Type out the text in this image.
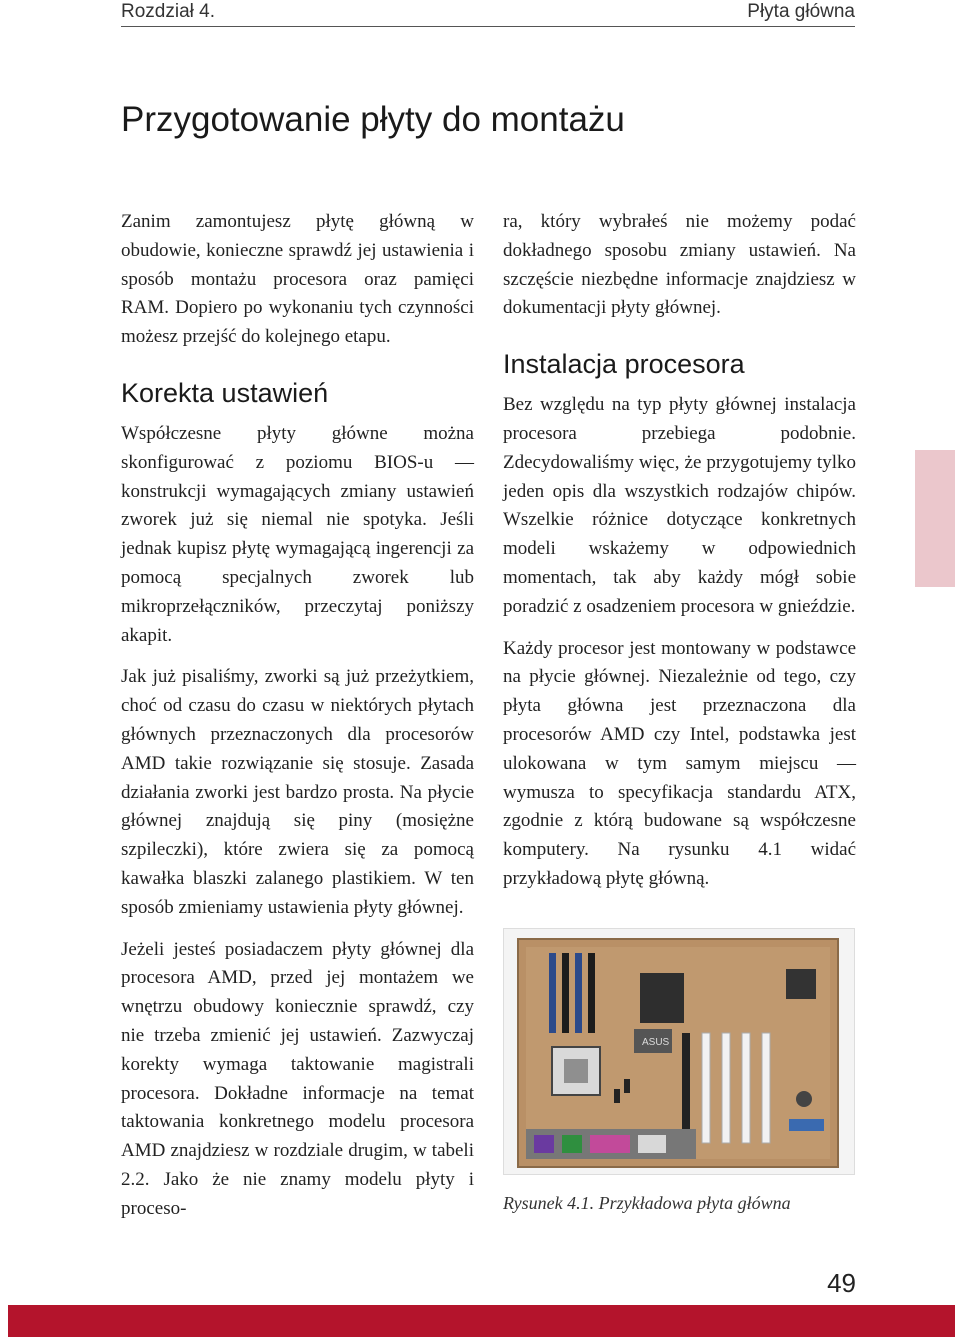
Rozdział 4.	Płyta główna
Przygotowanie płyty do montażu

Zanim zamontujesz płytę główną w obudowie, konieczne sprawdź jej ustawienia i sposób montażu procesora oraz pamięci RAM. Dopiero po wykonaniu tych czynności możesz przejść do kolejnego etapu.

Korekta ustawień

Współczesne płyty główne można skonfigurować z poziomu BIOS-u — konstrukcji wymagających zmiany ustawień zworek już się niemal nie spotyka. Jeśli jednak kupisz płytę wymagającą ingerencji za pomocą specjalnych zworek lub mikroprzełączników, przeczytaj poniższy akapit.

Jak już pisaliśmy, zworki są już przeżytkiem, choć od czasu do czasu w niektórych płytach głównych przeznaczonych dla procesorów AMD takie rozwiązanie się stosuje. Zasada działania zworki jest bardzo prosta. Na płycie głównej znajdują się piny (mosiężne szpileczki), które zwiera się za pomocą kawałka blaszki zalanego plastikiem. W ten sposób zmieniamy ustawienia płyty głównej.

Jeżeli jesteś posiadaczem płyty głównej dla procesora AMD, przed jej montażem we wnętrzu obudowy koniecznie sprawdź, czy nie trzeba zmienić jej ustawień. Zazwyczaj korekty wymaga taktowanie magistrali procesora. Dokładne informacje na temat taktowania konkretnego modelu procesora AMD znajdziesz w rozdziale drugim, w tabeli 2.2. Jako że nie znamy modelu płyty i proceso-

ra, który wybrałeś nie możemy podać dokładnego sposobu zmiany ustawień. Na szczęście niezbędne informacje znajdziesz w dokumentacji płyty głównej.

Instalacja procesora

Bez względu na typ płyty głównej instalacja procesora przebiega podobnie. Zdecydowaliśmy więc, że przygotujemy tylko jeden opis dla wszystkich rodzajów chipów. Wszelkie różnice dotyczące konkretnych modeli wskażemy w odpowiednich momentach, tak aby każdy mógł sobie poradzić z osadzeniem procesora w gnieździe.

Każdy procesor jest montowany w podstawce na płycie głównej. Niezależnie od tego, czy płyta główna jest przeznaczona dla procesorów AMD czy Intel, podstawka jest ulokowana w tym samym miejscu — wymusza to specyfikacja standardu ATX, zgodnie z którą budowane są współczesne komputery. Na rysunku 4.1 widać przykładową płytę główną.

ASUS
Rysunek 4.1. Przykładowa płyta główna
49
